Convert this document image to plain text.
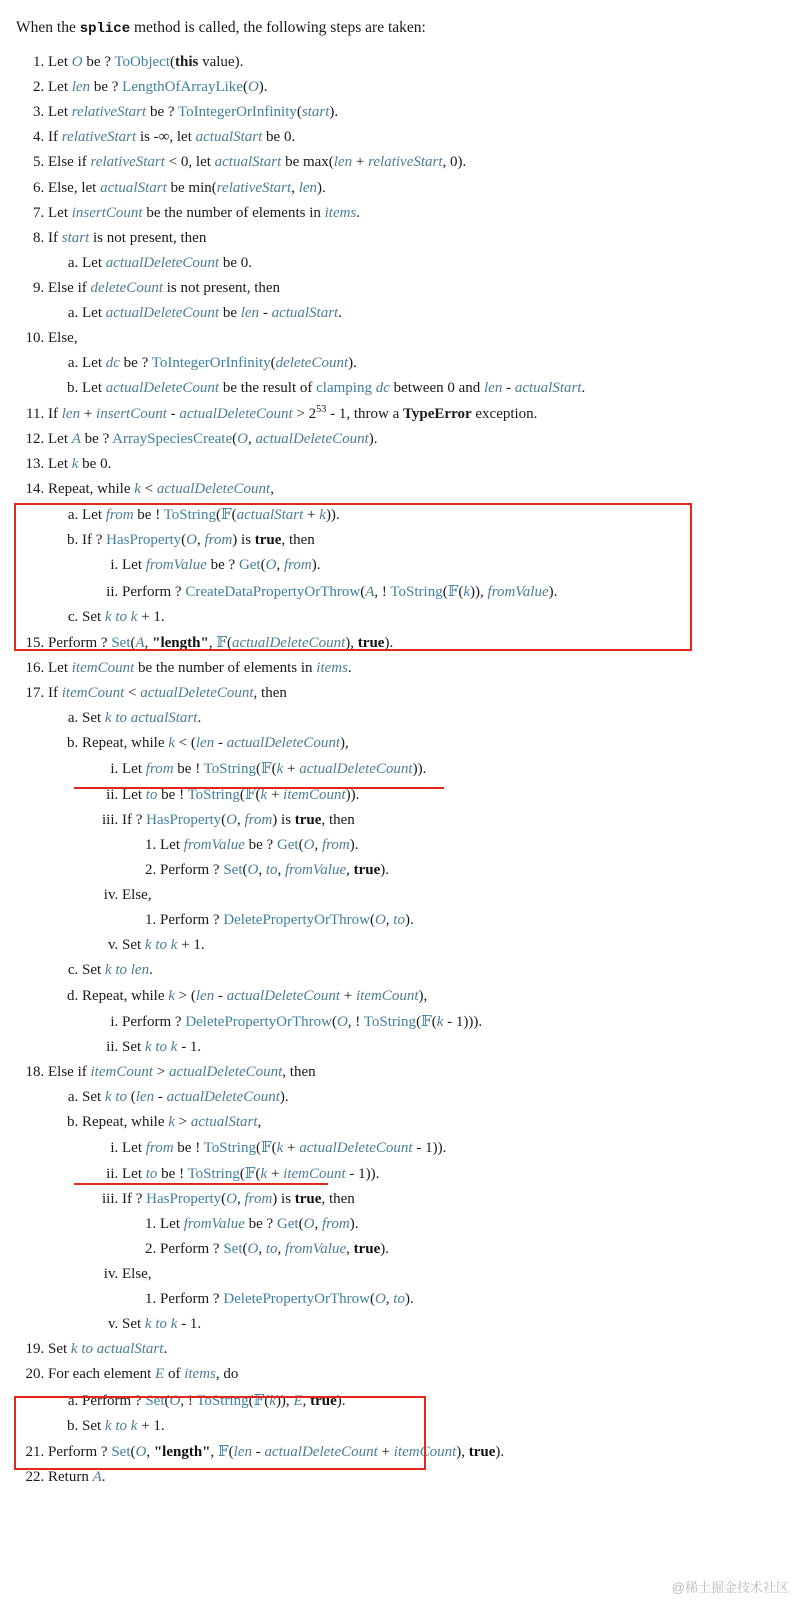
When the splice method is called, the following steps are taken:
1. Let O be ? ToObject(this value).
2. Let len be ? LengthOfArrayLike(O).
3. Let relativeStart be ? ToIntegerOrInfinity(start).
4. If relativeStart is -∞, let actualStart be 0.
5. Else if relativeStart < 0, let actualStart be max(len + relativeStart, 0).
6. Else, let actualStart be min(relativeStart, len).
7. Let insertCount be the number of elements in items.
8. If start is not present, then
a. Let actualDeleteCount be 0.
9. Else if deleteCount is not present, then
a. Let actualDeleteCount be len - actualStart.
10. Else,
a. Let dc be ? ToIntegerOrInfinity(deleteCount).
b. Let actualDeleteCount be the result of clamping dc between 0 and len - actualStart.
11. If len + insertCount - actualDeleteCount > $2^{53} - 1$, throw a TypeError exception.
12. Let A be ? ArraySpeciesCreate(O, actualDeleteCount).
13. Let k be 0.
14. Repeat, while k < actualDeleteCount,
a. Let from be ! ToString(𝔽(actualStart + k)).
b. If ? HasProperty(O, from) is true, then
i. Let fromValue be ? Get(O, from).
ii. Perform ? CreateDataPropertyOrThrow(A, ! ToString(𝔽(k)), fromValue).
c. Set k to k + 1.
15. Perform ? Set(A, "length", 𝔽(actualDeleteCount), true).
16. Let itemCount be the number of elements in items.
17. If itemCount < actualDeleteCount, then
a. Set k to actualStart.
b. Repeat, while k < (len - actualDeleteCount),
i. Let from be ! ToString(𝔽(k + actualDeleteCount)).
ii. Let to be ! ToString(𝔽(k + itemCount)).
iii. If ? HasProperty(O, from) is true, then
1. Let fromValue be ? Get(O, from).
2. Perform ? Set(O, to, fromValue, true).
iv. Else,
1. Perform ? DeletePropertyOrThrow(O, to).
v. Set k to k + 1.
c. Set k to len.
d. Repeat, while k > (len - actualDeleteCount + itemCount),
i. Perform ? DeletePropertyOrThrow(O, ! ToString(𝔽(k - 1))).
ii. Set k to k - 1.
18. Else if itemCount > actualDeleteCount, then
a. Set k to (len - actualDeleteCount).
b. Repeat, while k > actualStart,
i. Let from be ! ToString(𝔽(k + actualDeleteCount - 1)).
ii. Let to be ! ToString(𝔽(k + itemCount - 1)).
iii. If ? HasProperty(O, from) is true, then
1. Let fromValue be ? Get(O, from).
2. Perform ? Set(O, to, fromValue, true).
iv. Else,
1. Perform ? DeletePropertyOrThrow(O, to).
v. Set k to k - 1.
19. Set k to actualStart.
20. For each element E of items, do
a. Perform ? Set(O, ! ToString(𝔽(k)), E, true).
b. Set k to k + 1.
21. Perform ? Set(O, "length", 𝔽(len - actualDeleteCount + itemCount), true).
22. Return A.
@稀土掘金技术社区
